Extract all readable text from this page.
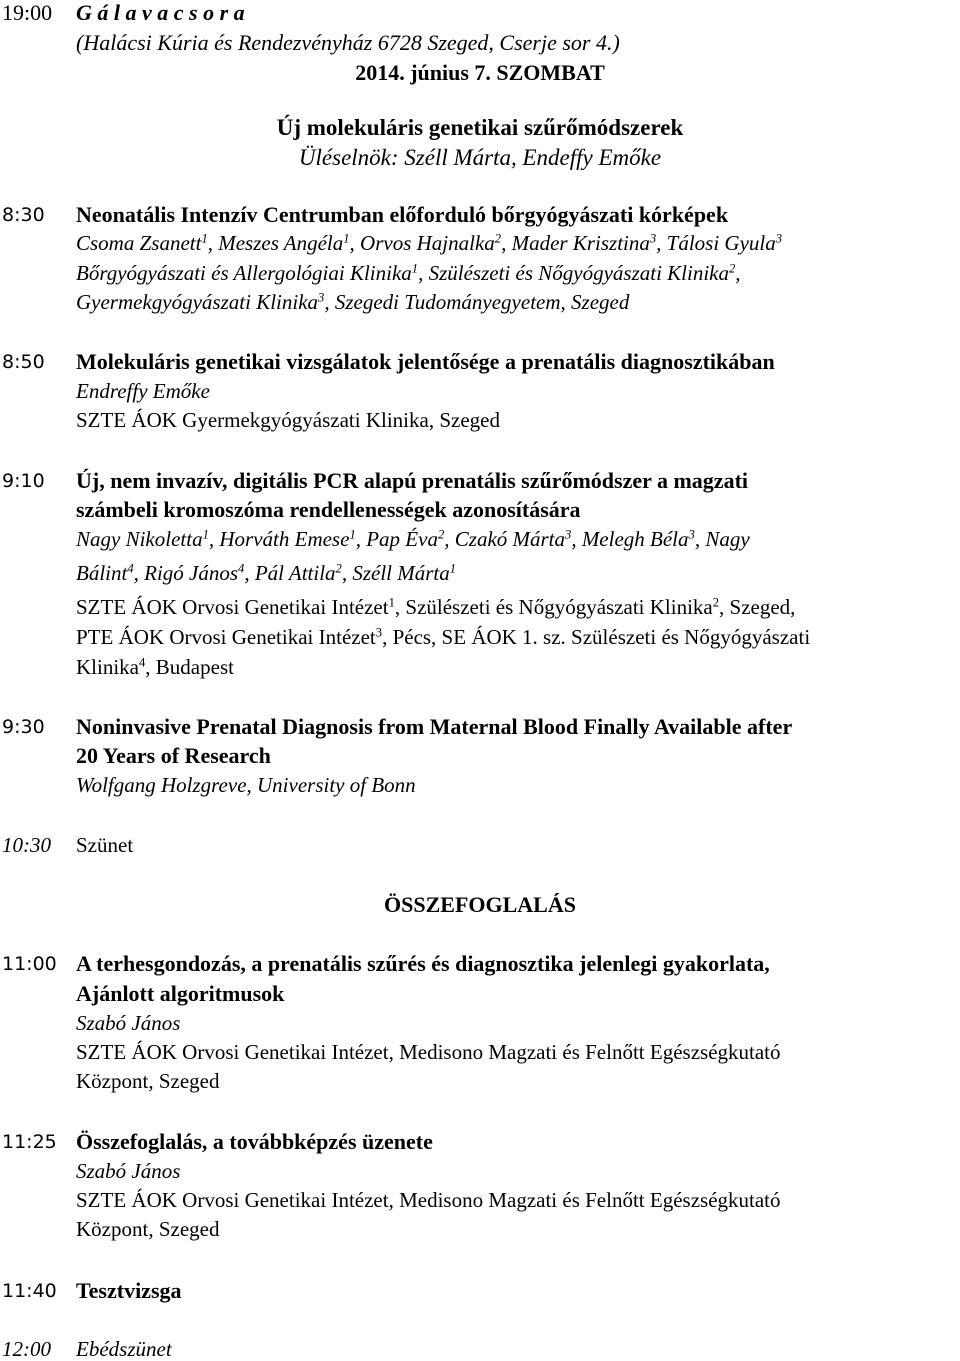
19:00 G á l a v a c s o r a
(Halácsi Kúria és Rendezvényház 6728 Szeged, Cserje sor 4.)
2014. június 7. SZOMBAT
Új molekuláris genetikai szűrőmódszerek
Üléselnök: Széll Márta, Endeffy Emőke
8:30 Neonatális Intenzív Centrumban előforduló bőrgyógyászati kórképek
Csoma Zsanett$^1$, Meszes Angéla$^1$, Orvos Hajnalka$^2$, Mader Krisztina$^3$, Tálosi Gyula$^3$
Bőrgyógyászati és Allergológiai Klinika$^1$, Szülészeti és Nőgyógyászati Klinika$^2$,
Gyermekgyógyászati Klinika$^3$, Szegedi Tudományegyetem, Szeged
8:50 Molekuláris genetikai vizsgálatok jelentősége a prenatális diagnosztikában
Endreffy Emőke
SZTE ÁOK Gyermekgyógyászati Klinika, Szeged
9:10 Új, nem invazív, digitális PCR alapú prenatális szűrőmódszer a magzati
számbeli kromoszóma rendellenességek azonosítására
Nagy Nikoletta$^1$, Horváth Emese$^1$, Pap Éva$^2$, Czakó Márta$^3$, Melegh Béla$^3$, Nagy
Bálint$^4$, Rigó János$^4$, Pál Attila$^2$, Széll Márta$^1$
SZTE ÁOK Orvosi Genetikai Intézet$^1$, Szülészeti és Nőgyógyászati Klinika$^2$, Szeged,
PTE ÁOK Orvosi Genetikai Intézet$^3$, Pécs, SE ÁOK 1. sz. Szülészeti és Nőgyógyászati
Klinika$^4$, Budapest
9:30 Noninvasive Prenatal Diagnosis from Maternal Blood Finally Available after
20 Years of Research
Wolfgang Holzgreve, University of Bonn
10:30 Szünet
ÖSSZEFOGLALÁS
11:00 A terhesgondozás, a prenatális szűrés és diagnosztika jelenlegi gyakorlata,
Ajánlott algoritmusok
Szabó János
SZTE ÁOK Orvosi Genetikai Intézet, Medisono Magzati és Felnőtt Egészségkutató
Központ, Szeged
11:25 Összefoglalás, a továbbképzés üzenete
Szabó János
SZTE ÁOK Orvosi Genetikai Intézet, Medisono Magzati és Felnőtt Egészségkutató
Központ, Szeged
11:40 Tesztvizsga
12:00 Ebédszünet
